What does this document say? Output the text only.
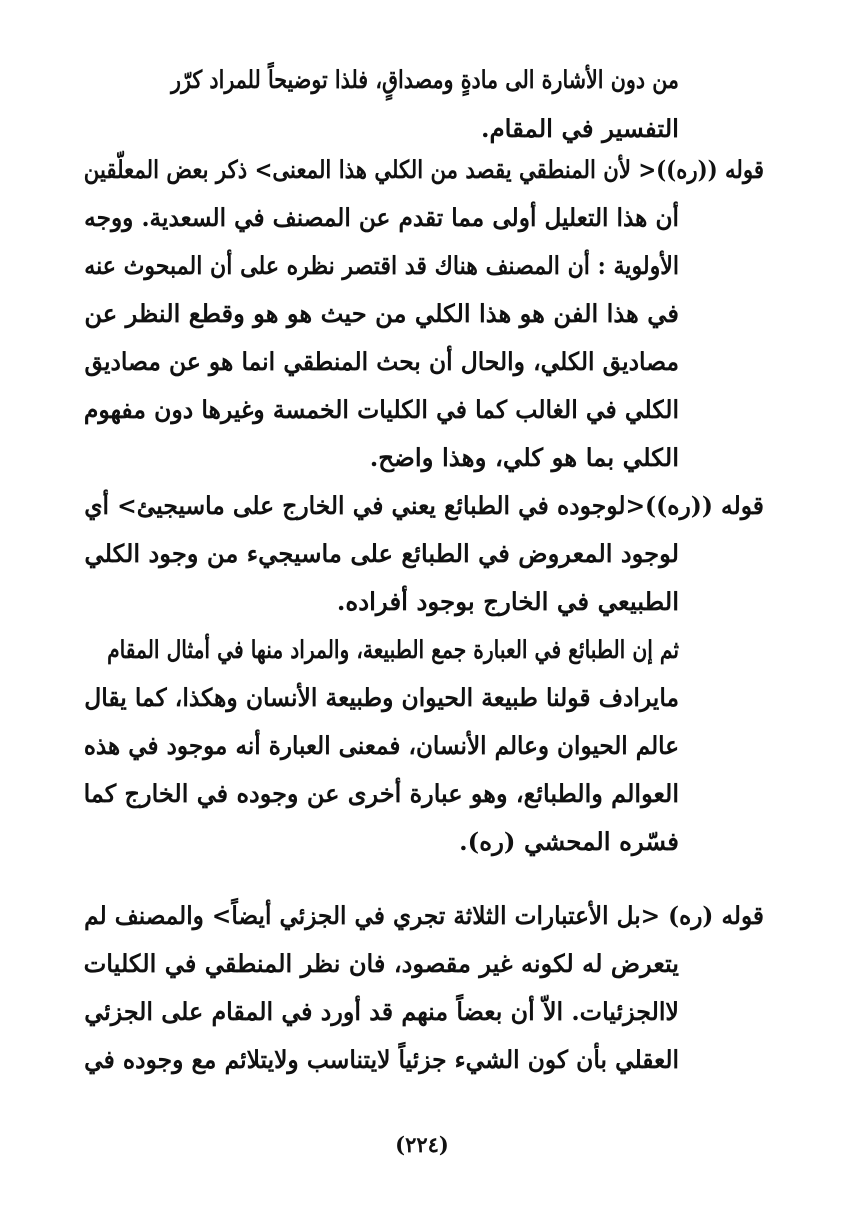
من دون الأشارة الى مادةٍ ومصداقٍ، فلذا توضيحاً للمراد كرّر
التفسير في المقام.
قوله ((ره))< لأن المنطقي يقصد من الكلي هذا المعنى> ذكر بعض المعلّقين
أن هذا التعليل أولى مما تقدم عن المصنف في السعدية. ووجه
الأولوية : أن المصنف هناك قد اقتصر نظره على أن المبحوث عنه
في هذا الفن هو هذا الكلي من حيث هو هو وقطع النظر عن
مصاديق الكلي، والحال أن بحث المنطقي انما هو عن مصاديق
الكلي في الغالب كما في الكليات الخمسة وغيرها دون مفهوم
الكلي بما هو كلي، وهذا واضح.
قوله ((ره))<لوجوده في الطبائع يعني في الخارج على ماسيجيئ> أي
لوجود المعروض في الطبائع على ماسيجيء من وجود الكلي
الطبيعي في الخارج بوجود أفراده.
ثم إن الطبائع في العبارة جمع الطبيعة، والمراد منها في أمثال المقام
مايرادف قولنا طبيعة الحيوان وطبيعة الأنسان وهكذا، كما يقال
عالم الحيوان وعالم الأنسان، فمعنى العبارة أنه موجود في هذه
العوالم والطبائع، وهو عبارة أخرى عن وجوده في الخارج كما
فسّره المحشي (ره).
قوله (ره) <بل الأعتبارات الثلاثة تجري في الجزئي أيضاً> والمصنف لم
يتعرض له لكونه غير مقصود، فان نظر المنطقي في الكليات
لاالجزئيات. الاّ أن بعضاً منهم قد أورد في المقام على الجزئي
العقلي بأن كون الشيء جزئياً لايتناسب ولايتلائم مع وجوده في
(٢٢٤)
